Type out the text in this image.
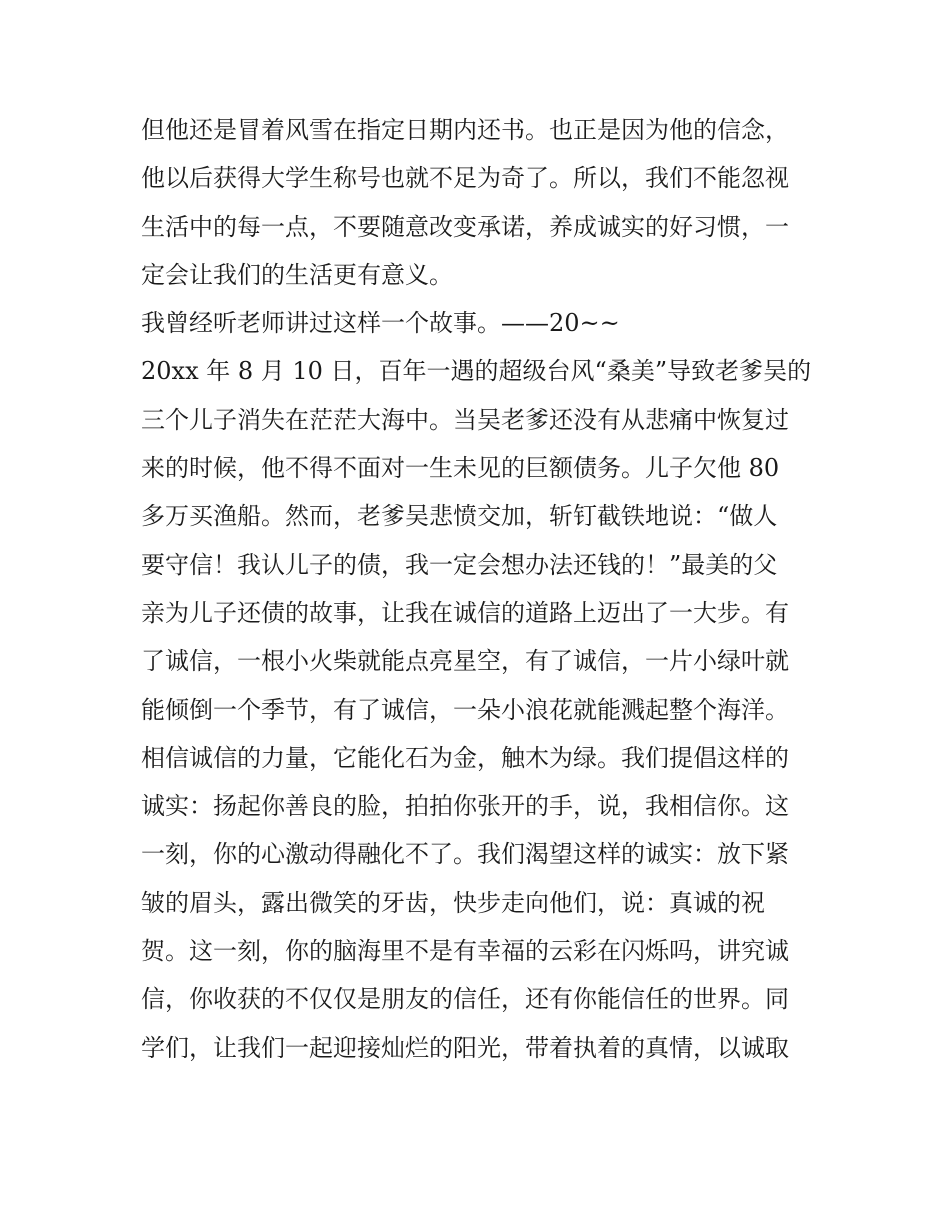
但他还是冒着风雪在指定日期内还书。也正是因为他的信念，
他以后获得大学生称号也就不足为奇了。所以，我们不能忽视
生活中的每一点，不要随意改变承诺，养成诚实的好习惯，一
定会让我们的生活更有意义。
我曾经听老师讲过这样一个故事。——20~~
20xx 年 8 月 10 日，百年一遇的超级台风“桑美”导致老爹吴的
三个儿子消失在茫茫大海中。当吴老爹还没有从悲痛中恢复过
来的时候，他不得不面对一生未见的巨额债务。儿子欠他 80
多万买渔船。然而，老爹吴悲愤交加，斩钉截铁地说：“做人
要守信！我认儿子的债，我一定会想办法还钱的！”最美的父
亲为儿子还债的故事，让我在诚信的道路上迈出了一大步。有
了诚信，一根小火柴就能点亮星空，有了诚信，一片小绿叶就
能倾倒一个季节，有了诚信，一朵小浪花就能溅起整个海洋。
相信诚信的力量，它能化石为金，触木为绿。我们提倡这样的
诚实：扬起你善良的脸，拍拍你张开的手，说，我相信你。这
一刻，你的心激动得融化不了。我们渴望这样的诚实：放下紧
皱的眉头，露出微笑的牙齿，快步走向他们，说：真诚的祝
贺。这一刻，你的脑海里不是有幸福的云彩在闪烁吗，讲究诚
信，你收获的不仅仅是朋友的信任，还有你能信任的世界。同
学们，让我们一起迎接灿烂的阳光，带着执着的真情，以诚取
